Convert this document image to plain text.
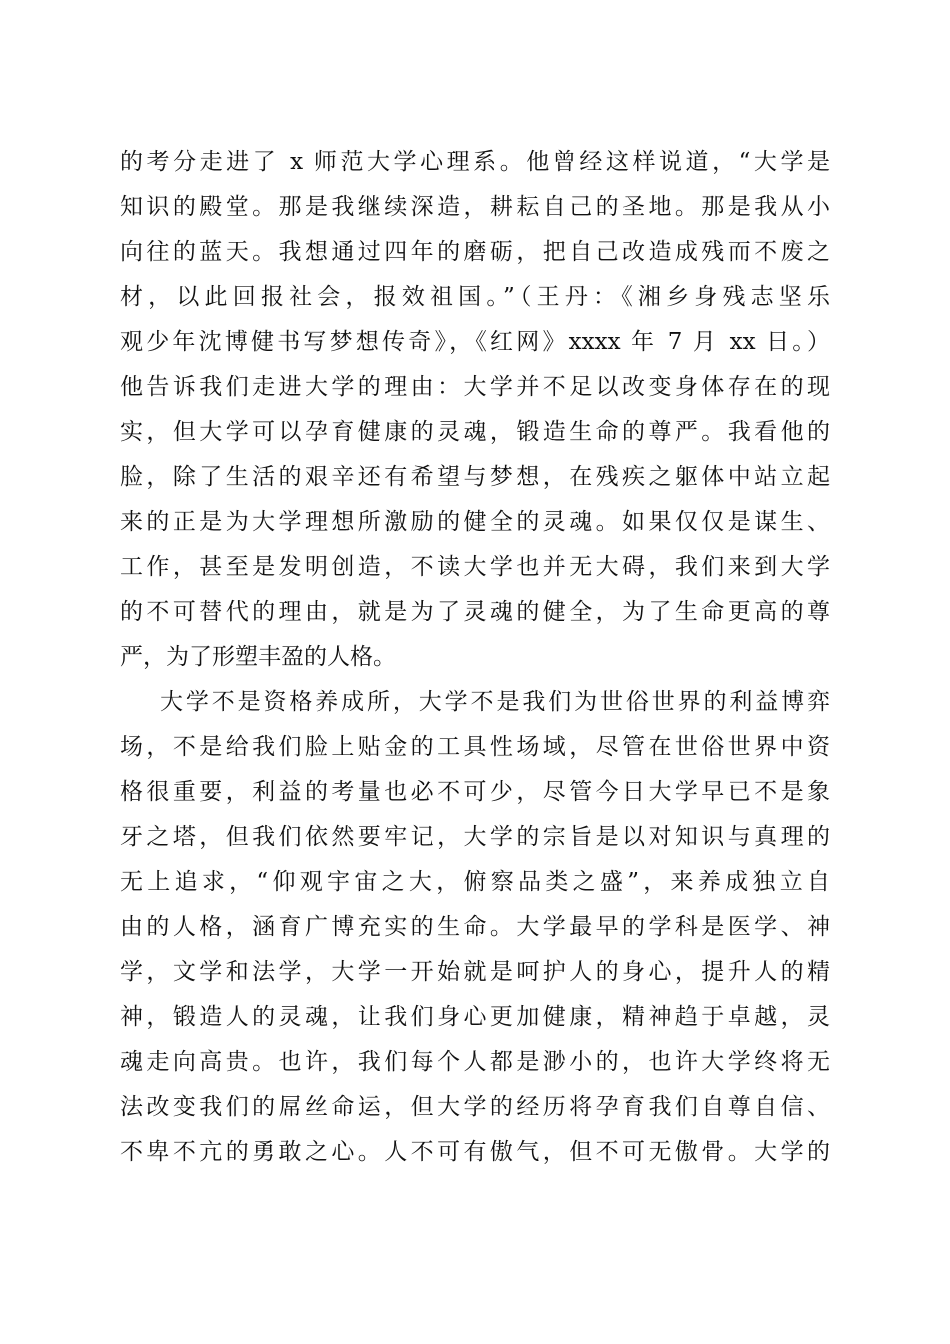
的考分走进了 x 师范大学心理系。他曾经这样说道，“大学是
知识的殿堂。那是我继续深造，耕耘自己的圣地。那是我从小
向往的蓝天。我想通过四年的磨砺，把自己改造成残而不废之
材，以此回报社会，报效祖国。”（王丹：《湘乡身残志坚乐
观少年沈博健书写梦想传奇》，《红网》xxxx 年 7 月 xx 日。）
他告诉我们走进大学的理由：大学并不足以改变身体存在的现
实，但大学可以孕育健康的灵魂，锻造生命的尊严。我看他的
脸，除了生活的艰辛还有希望与梦想，在残疾之躯体中站立起
来的正是为大学理想所激励的健全的灵魂。如果仅仅是谋生、
工作，甚至是发明创造，不读大学也并无大碍，我们来到大学
的不可替代的理由，就是为了灵魂的健全，为了生命更高的尊
严，为了形塑丰盈的人格。
大学不是资格养成所，大学不是我们为世俗世界的利益博弈
场，不是给我们脸上贴金的工具性场域，尽管在世俗世界中资
格很重要，利益的考量也必不可少，尽管今日大学早已不是象
牙之塔，但我们依然要牢记，大学的宗旨是以对知识与真理的
无上追求，“仰观宇宙之大，俯察品类之盛”，来养成独立自
由的人格，涵育广博充实的生命。大学最早的学科是医学、神
学，文学和法学，大学一开始就是呵护人的身心，提升人的精
神，锻造人的灵魂，让我们身心更加健康，精神趋于卓越，灵
魂走向高贵。也许，我们每个人都是渺小的，也许大学终将无
法改变我们的屌丝命运，但大学的经历将孕育我们自尊自信、
不卑不亢的勇敢之心。人不可有傲气，但不可无傲骨。大学的
